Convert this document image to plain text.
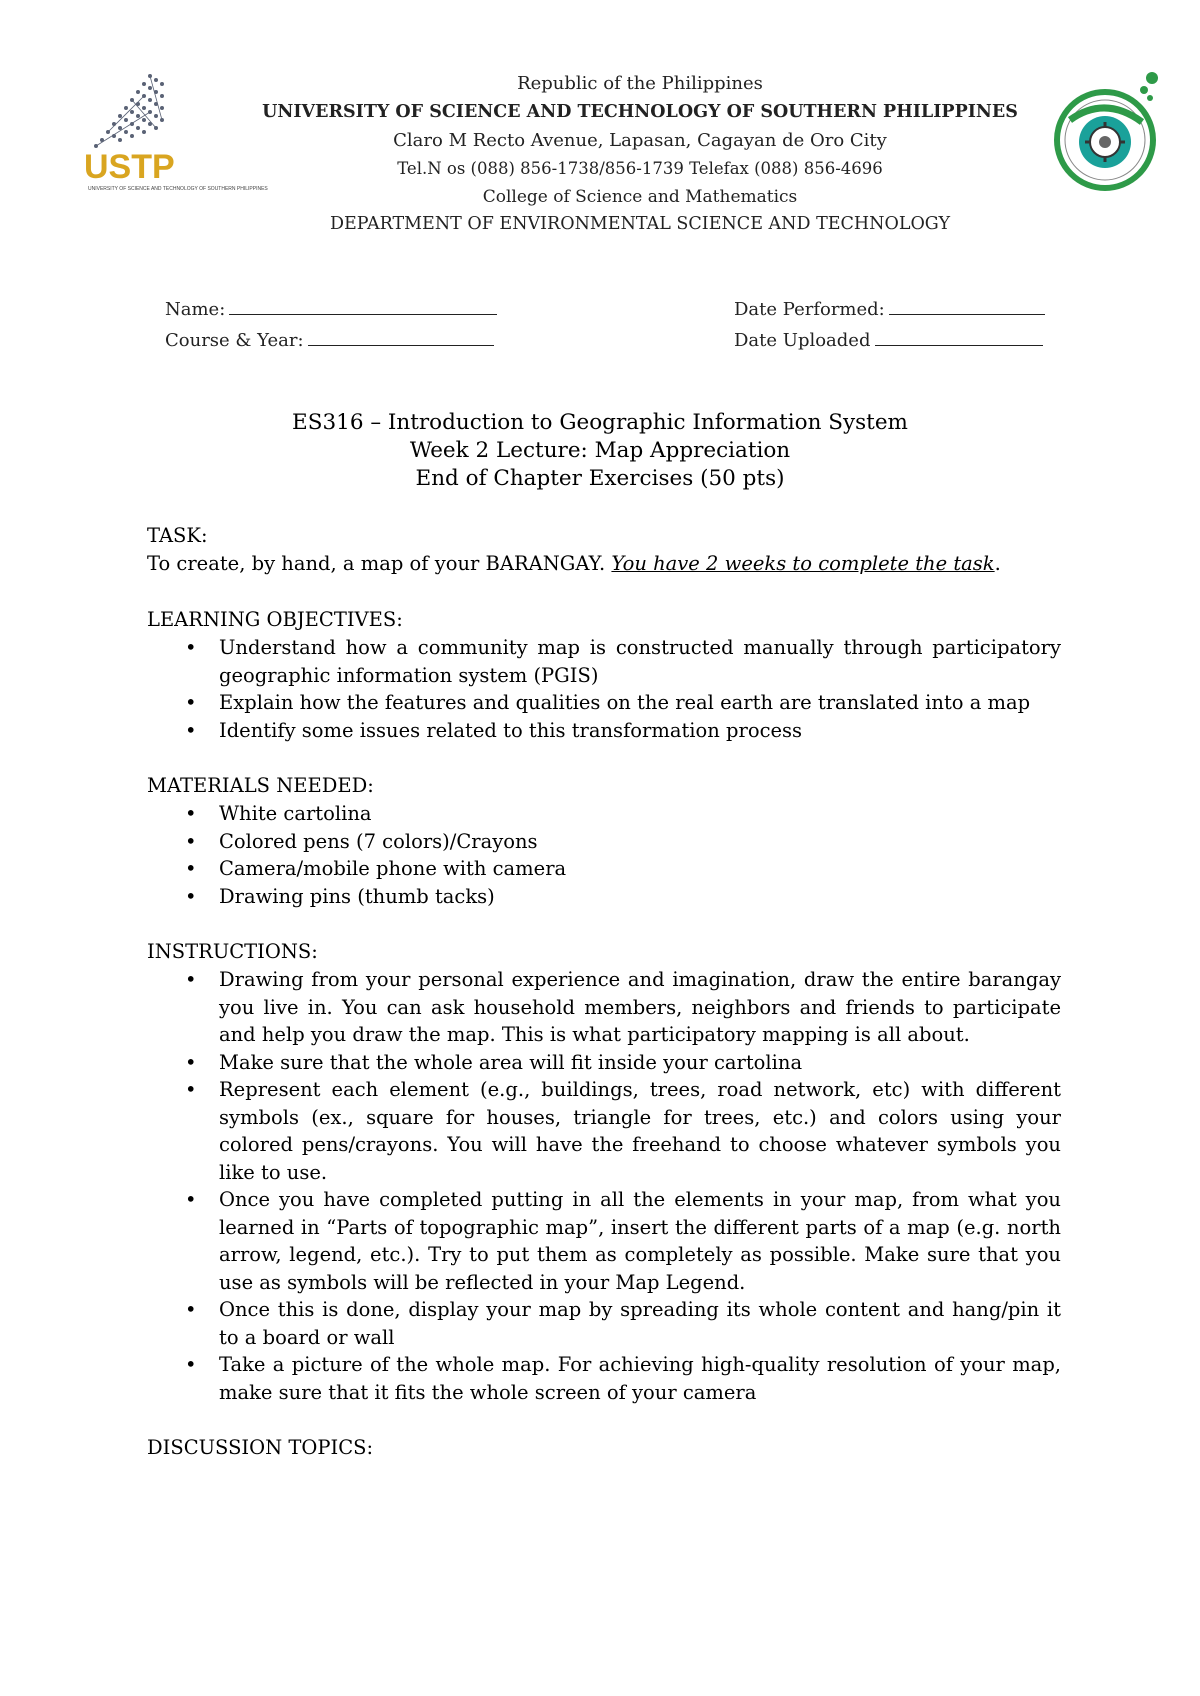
USTP
UNIVERSITY OF SCIENCE AND TECHNOLOGY OF SOUTHERN PHILIPPINES
Republic of the Philippines
UNIVERSITY OF SCIENCE AND TECHNOLOGY OF SOUTHERN PHILIPPINES
Claro M Recto Avenue, Lapasan, Cagayan de Oro City
Tel.N os (088) 856-1738/856-1739 Telefax (088) 856-4696
College of Science and Mathematics
DEPARTMENT OF ENVIRONMENTAL SCIENCE AND TECHNOLOGY
Name:
Course & Year:
Date Performed:
Date Uploaded
ES316 – Introduction to Geographic Information System
Week 2 Lecture: Map Appreciation
End of Chapter Exercises (50 pts)

TASK:

To create, by hand, a map of your BARANGAY. You have 2 weeks to complete the task.

LEARNING OBJECTIVES:

• Understand how a community map is constructed manually through participatory geographic information system (PGIS)
• Explain how the features and qualities on the real earth are translated into a map
• Identify some issues related to this transformation process

MATERIALS NEEDED:

• White cartolina
• Colored pens (7 colors)/Crayons
• Camera/mobile phone with camera
• Drawing pins (thumb tacks)

INSTRUCTIONS:

• Drawing from your personal experience and imagination, draw the entire barangay you live in. You can ask household members, neighbors and friends to participate and help you draw the map. This is what participatory mapping is all about.
• Make sure that the whole area will fit inside your cartolina
• Represent each element (e.g., buildings, trees, road network, etc) with different symbols (ex., square for houses, triangle for trees, etc.) and colors using your colored pens/crayons. You will have the freehand to choose whatever symbols you like to use.
• Once you have completed putting in all the elements in your map, from what you learned in “Parts of topographic map”, insert the different parts of a map (e.g. north arrow, legend, etc.). Try to put them as completely as possible. Make sure that you use as symbols will be reflected in your Map Legend.
• Once this is done, display your map by spreading its whole content and hang/pin it to a board or wall
• Take a picture of the whole map. For achieving high-quality resolution of your map, make sure that it fits the whole screen of your camera

DISCUSSION TOPICS:
